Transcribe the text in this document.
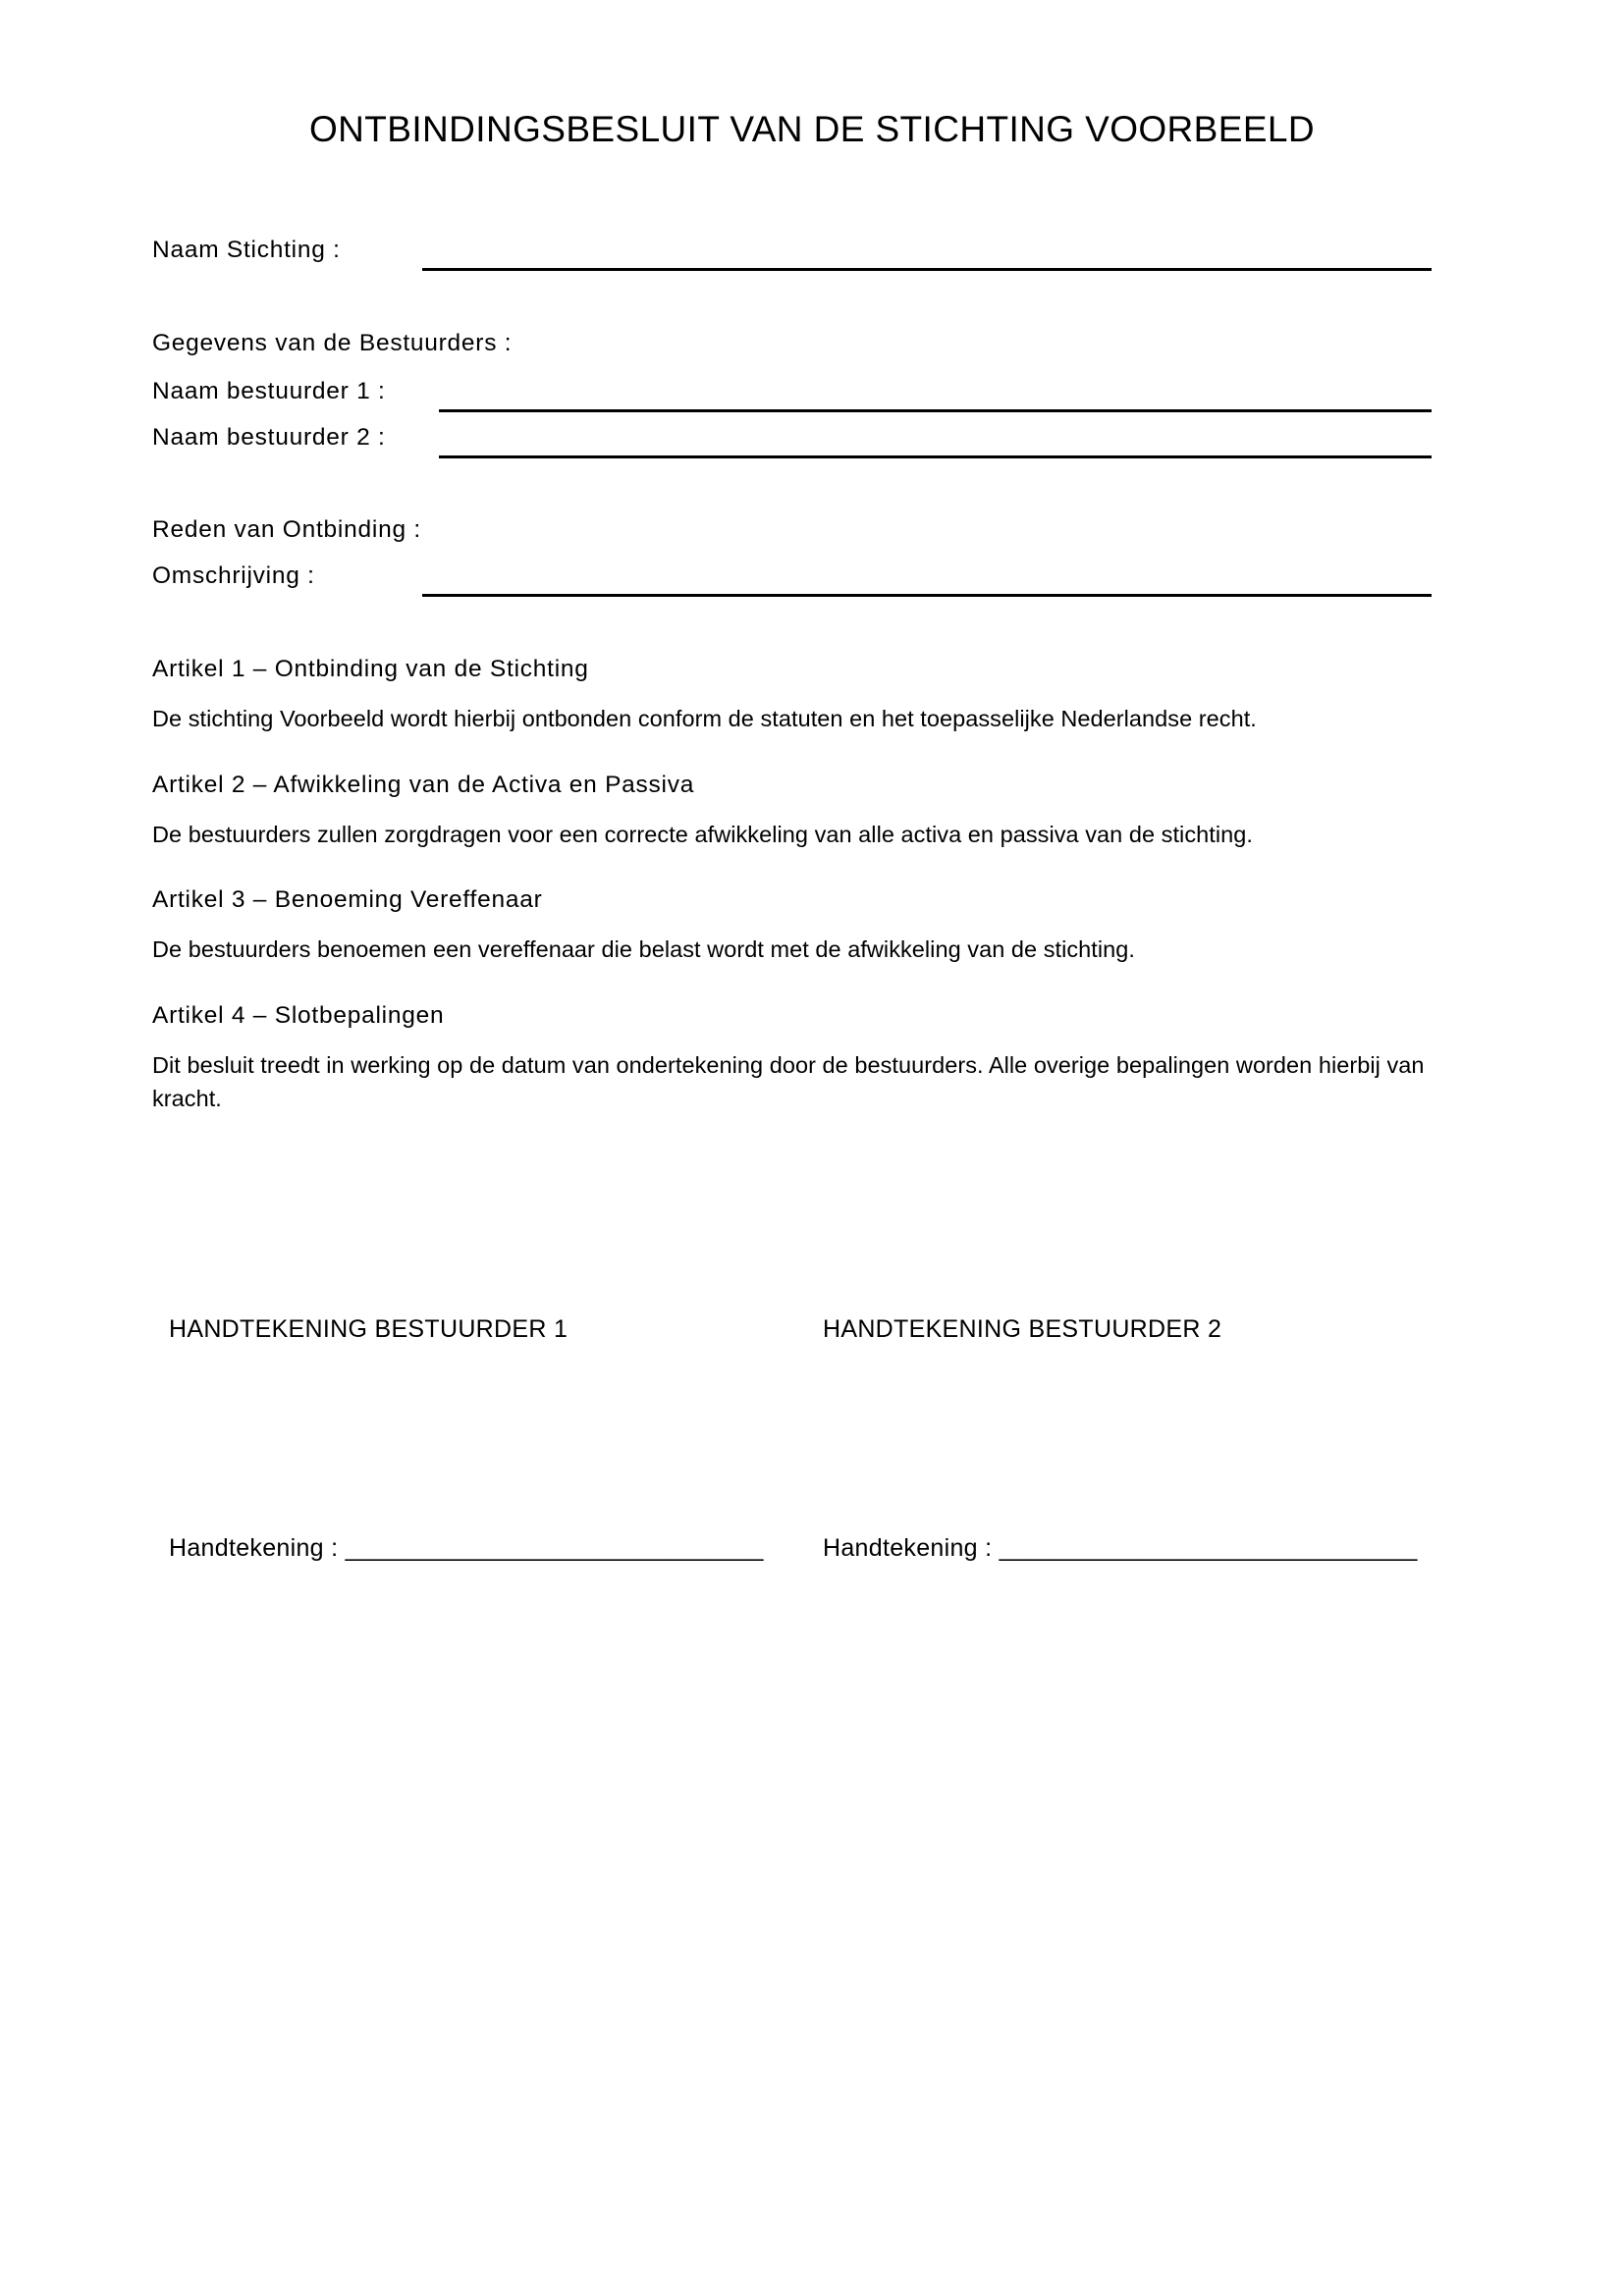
ONTBINDINGSBESLUIT VAN DE STICHTING VOORBEELD
Naam Stichting :
Gegevens van de Bestuurders :
Naam bestuurder 1 :
Naam bestuurder 2 :
Reden van Ontbinding :
Omschrijving :
Artikel 1 – Ontbinding van de Stichting

De stichting Voorbeeld wordt hierbij ontbonden conform de statuten en het toepasselijke Nederlandse recht.

Artikel 2 – Afwikkeling van de Activa en Passiva

De bestuurders zullen zorgdragen voor een correcte afwikkeling van alle activa en passiva van de stichting.

Artikel 3 – Benoeming Vereffenaar

De bestuurders benoemen een vereffenaar die belast wordt met de afwikkeling van de stichting.

Artikel 4 – Slotbepalingen

Dit besluit treedt in werking op de datum van ondertekening door de bestuurders. Alle overige bepalingen worden hierbij van kracht.

HANDTEKENING BESTUURDER 1	HANDTEKENING BESTUURDER 2
Handtekening : ______________________________ Handtekening : ______________________________
